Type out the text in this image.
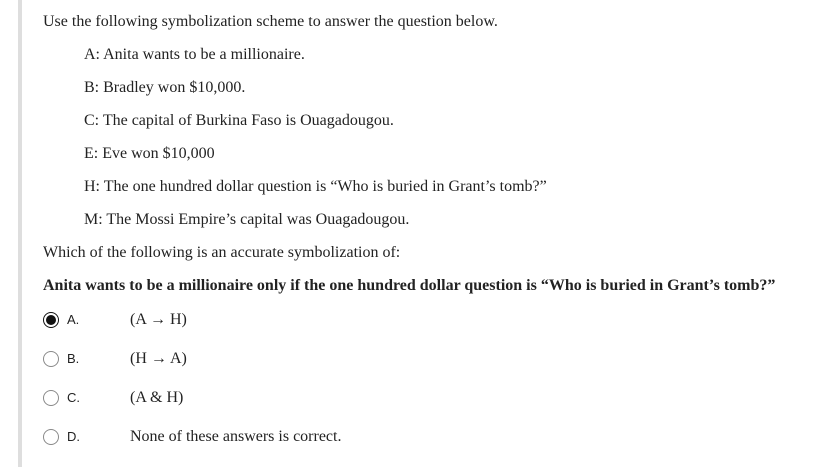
Use the following symbolization scheme to answer the question below.
A: Anita wants to be a millionaire.
B: Bradley won $10,000.
C: The capital of Burkina Faso is Ouagadougou.
E: Eve won $10,000
H: The one hundred dollar question is “Who is buried in Grant’s tomb?”
M: The Mossi Empire’s capital was Ouagadougou.
Which of the following is an accurate symbolization of:
Anita wants to be a millionaire only if the one hundred dollar question is “Who is buried in Grant’s tomb?”
A.	(A → H)
B.	(H → A)
C.	(A & H)
D.	None of these answers is correct.
